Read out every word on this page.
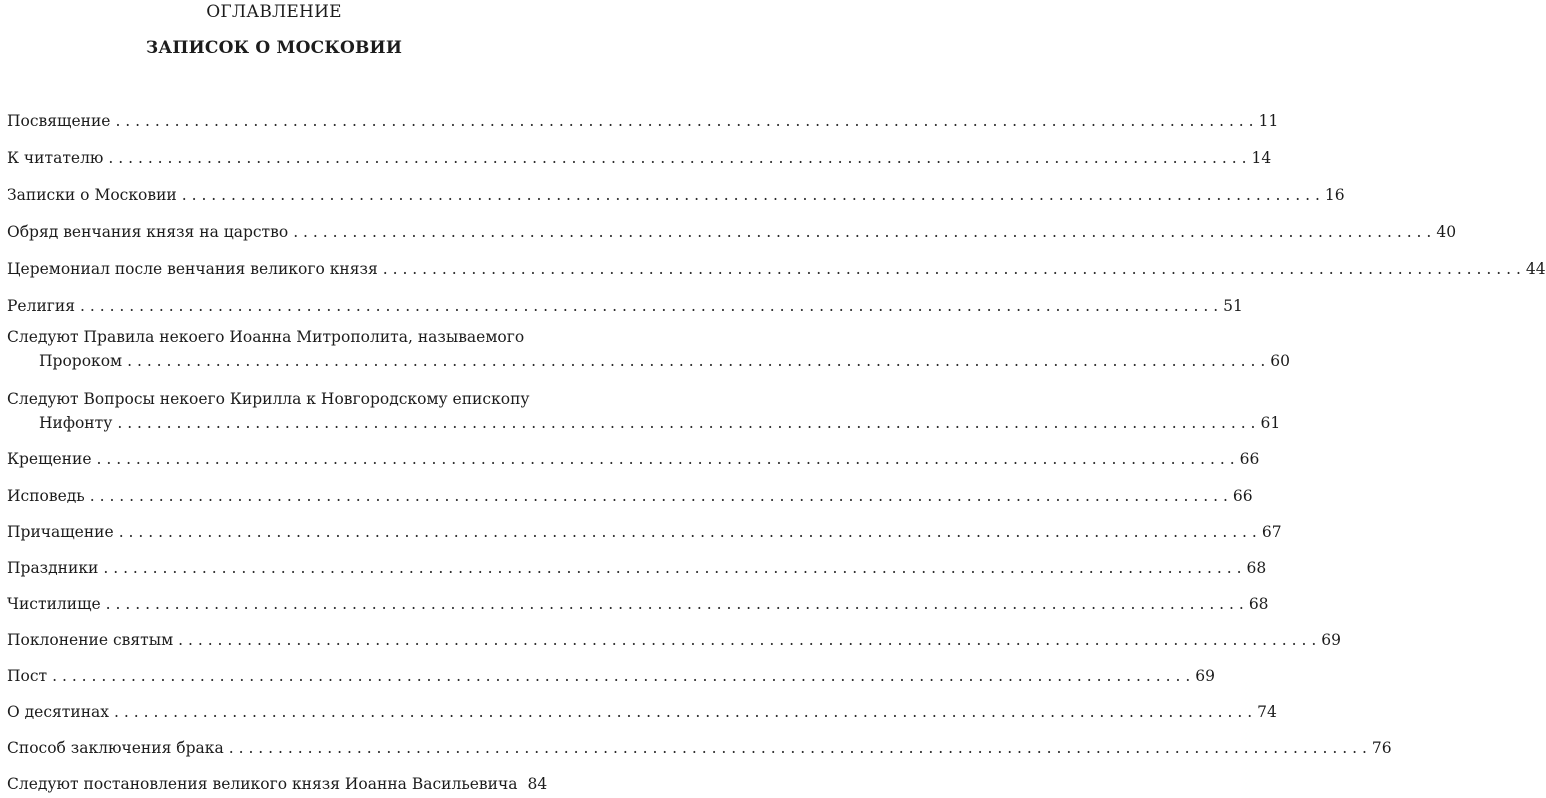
ОГЛАВЛЕНИЕ
ЗАПИСОК О МОСКОВИИ
Посвящение . . .	11
К читателю . . .	14
Записки о Московии . . .	16
Обряд венчания князя на царство . . .	40
Церемониал после венчания великого князя . . .	44
Религия . . .	51
Следуют Правила некоего Иоанна Митрополита, называемого
Пророком . . .	60
Следуют Вопросы некоего Кирилла к Новгородскому епископу
Нифонту . . .	61
Крещение . . .	66
Исповедь . . .	66
Причащение . . .	67
Праздники . . .	68
Чистилище . . .	68
Поклонение святым . . .	69
Пост . . .	69
О десятинах . . .	74
Способ заключения брака . . .	76
Следуют постановления великого князя Иоанна Васильевича 84
